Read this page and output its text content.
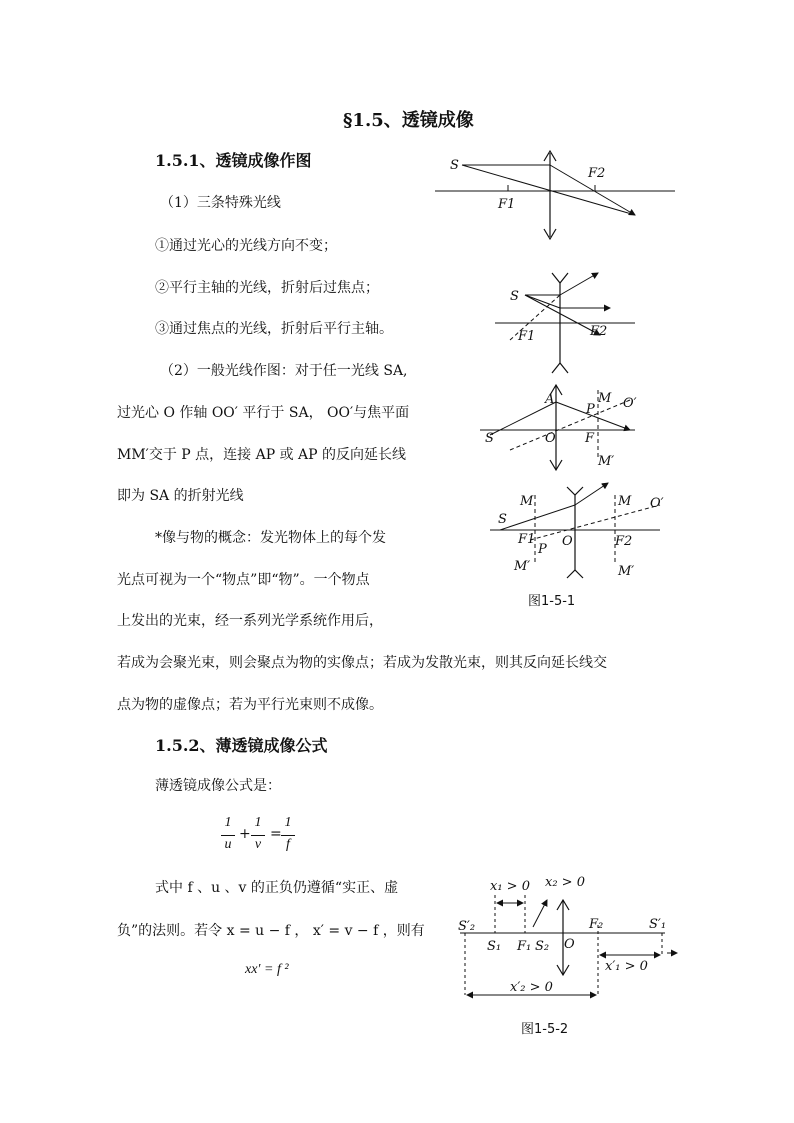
§1.5、透镜成像
1.5.1、透镜成像作图
（1）三条特殊光线
①通过光心的光线方向不变；
②平行主轴的光线，折射后过焦点；
③通过焦点的光线，折射后平行主轴。
（2）一般光线作图：对于任一光线 SA,
过光心 O 作轴 OO′ 平行于 SA， OO′与焦平面
MM′交于 P 点，连接 AP 或 AP 的反向延长线
即为 SA 的折射光线
*像与物的概念：发光物体上的每个发
光点可视为一个“物点”即“物”。一个物点
上发出的光束，经一系列光学系统作用后，
若成为会聚光束，则会聚点为物的实像点；若成为发散光束，则其反向延长线交
点为物的虚像点；若为平行光束则不成像。
S
F1
F2
S
F1	F2
A
P
M O′
S	O F
M′
M	M O′
S
F1
P
O	F2
M′	M′
图1-5-1
1.5.2、薄透镜成像公式
薄透镜成像公式是：
1
u
+
1
v
=
1
f
式中 f 、u 、v 的正负仍遵循“实正、虚
负”的法则。若令 x = u − f ， x′ = v − f ，则有
xx′ = f ²
x₁ > 0 x₂ > 0
S′₂	S′₁
S₁ F₁ S₂ O
F₂
x′₁ > 0
x′₂ > 0
图1-5-2
